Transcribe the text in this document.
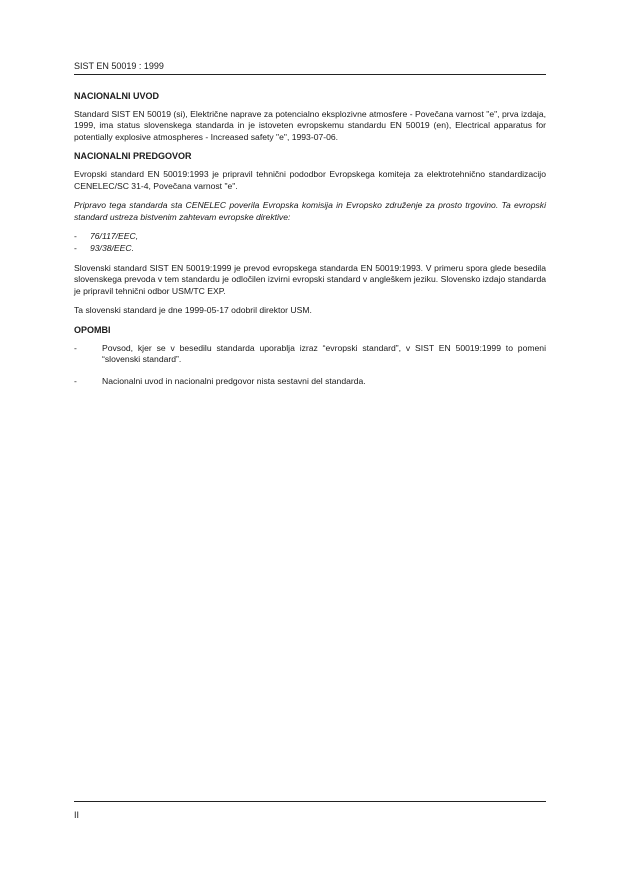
SIST EN 50019 : 1999
NACIONALNI UVOD

Standard SIST EN 50019 (si), Električne naprave za potencialno eksplozivne atmosfere - Povečana varnost "e", prva izdaja, 1999, ima status slovenskega standarda in je istoveten evropskemu standardu EN 50019 (en), Electrical apparatus for potentially explosive atmospheres - Increased safety "e", 1993-07-06.

NACIONALNI PREDGOVOR

Evropski standard EN 50019:1993 je pripravil tehnični pododbor Evropskega komiteja za elektrotehnično standardizacijo CENELEC/SC 31-4, Povečana varnost "e".

Pripravo tega standarda sta CENELEC poverila Evropska komisija in Evropsko združenje za prosto trgovino. Ta evropski standard ustreza bistvenim zahtevam evropske direktive:

- 76/117/EEC,
- 93/38/EEC.

Slovenski standard SIST EN 50019:1999 je prevod evropskega standarda EN 50019:1993. V primeru spora glede besedila slovenskega prevoda v tem standardu je odločilen izvirni evropski standard v angleškem jeziku. Slovensko izdajo standarda je pripravil tehnični odbor USM/TC EXP.

Ta slovenski standard je dne 1999-05-17 odobril direktor USM.

OPOMBI
- Povsod, kjer se v besedilu standarda uporablja izraz “evropski standard”, v SIST EN 50019:1999 to pomeni “slovenski standard”.
- Nacionalni uvod in nacionalni predgovor nista sestavni del standarda.
II
